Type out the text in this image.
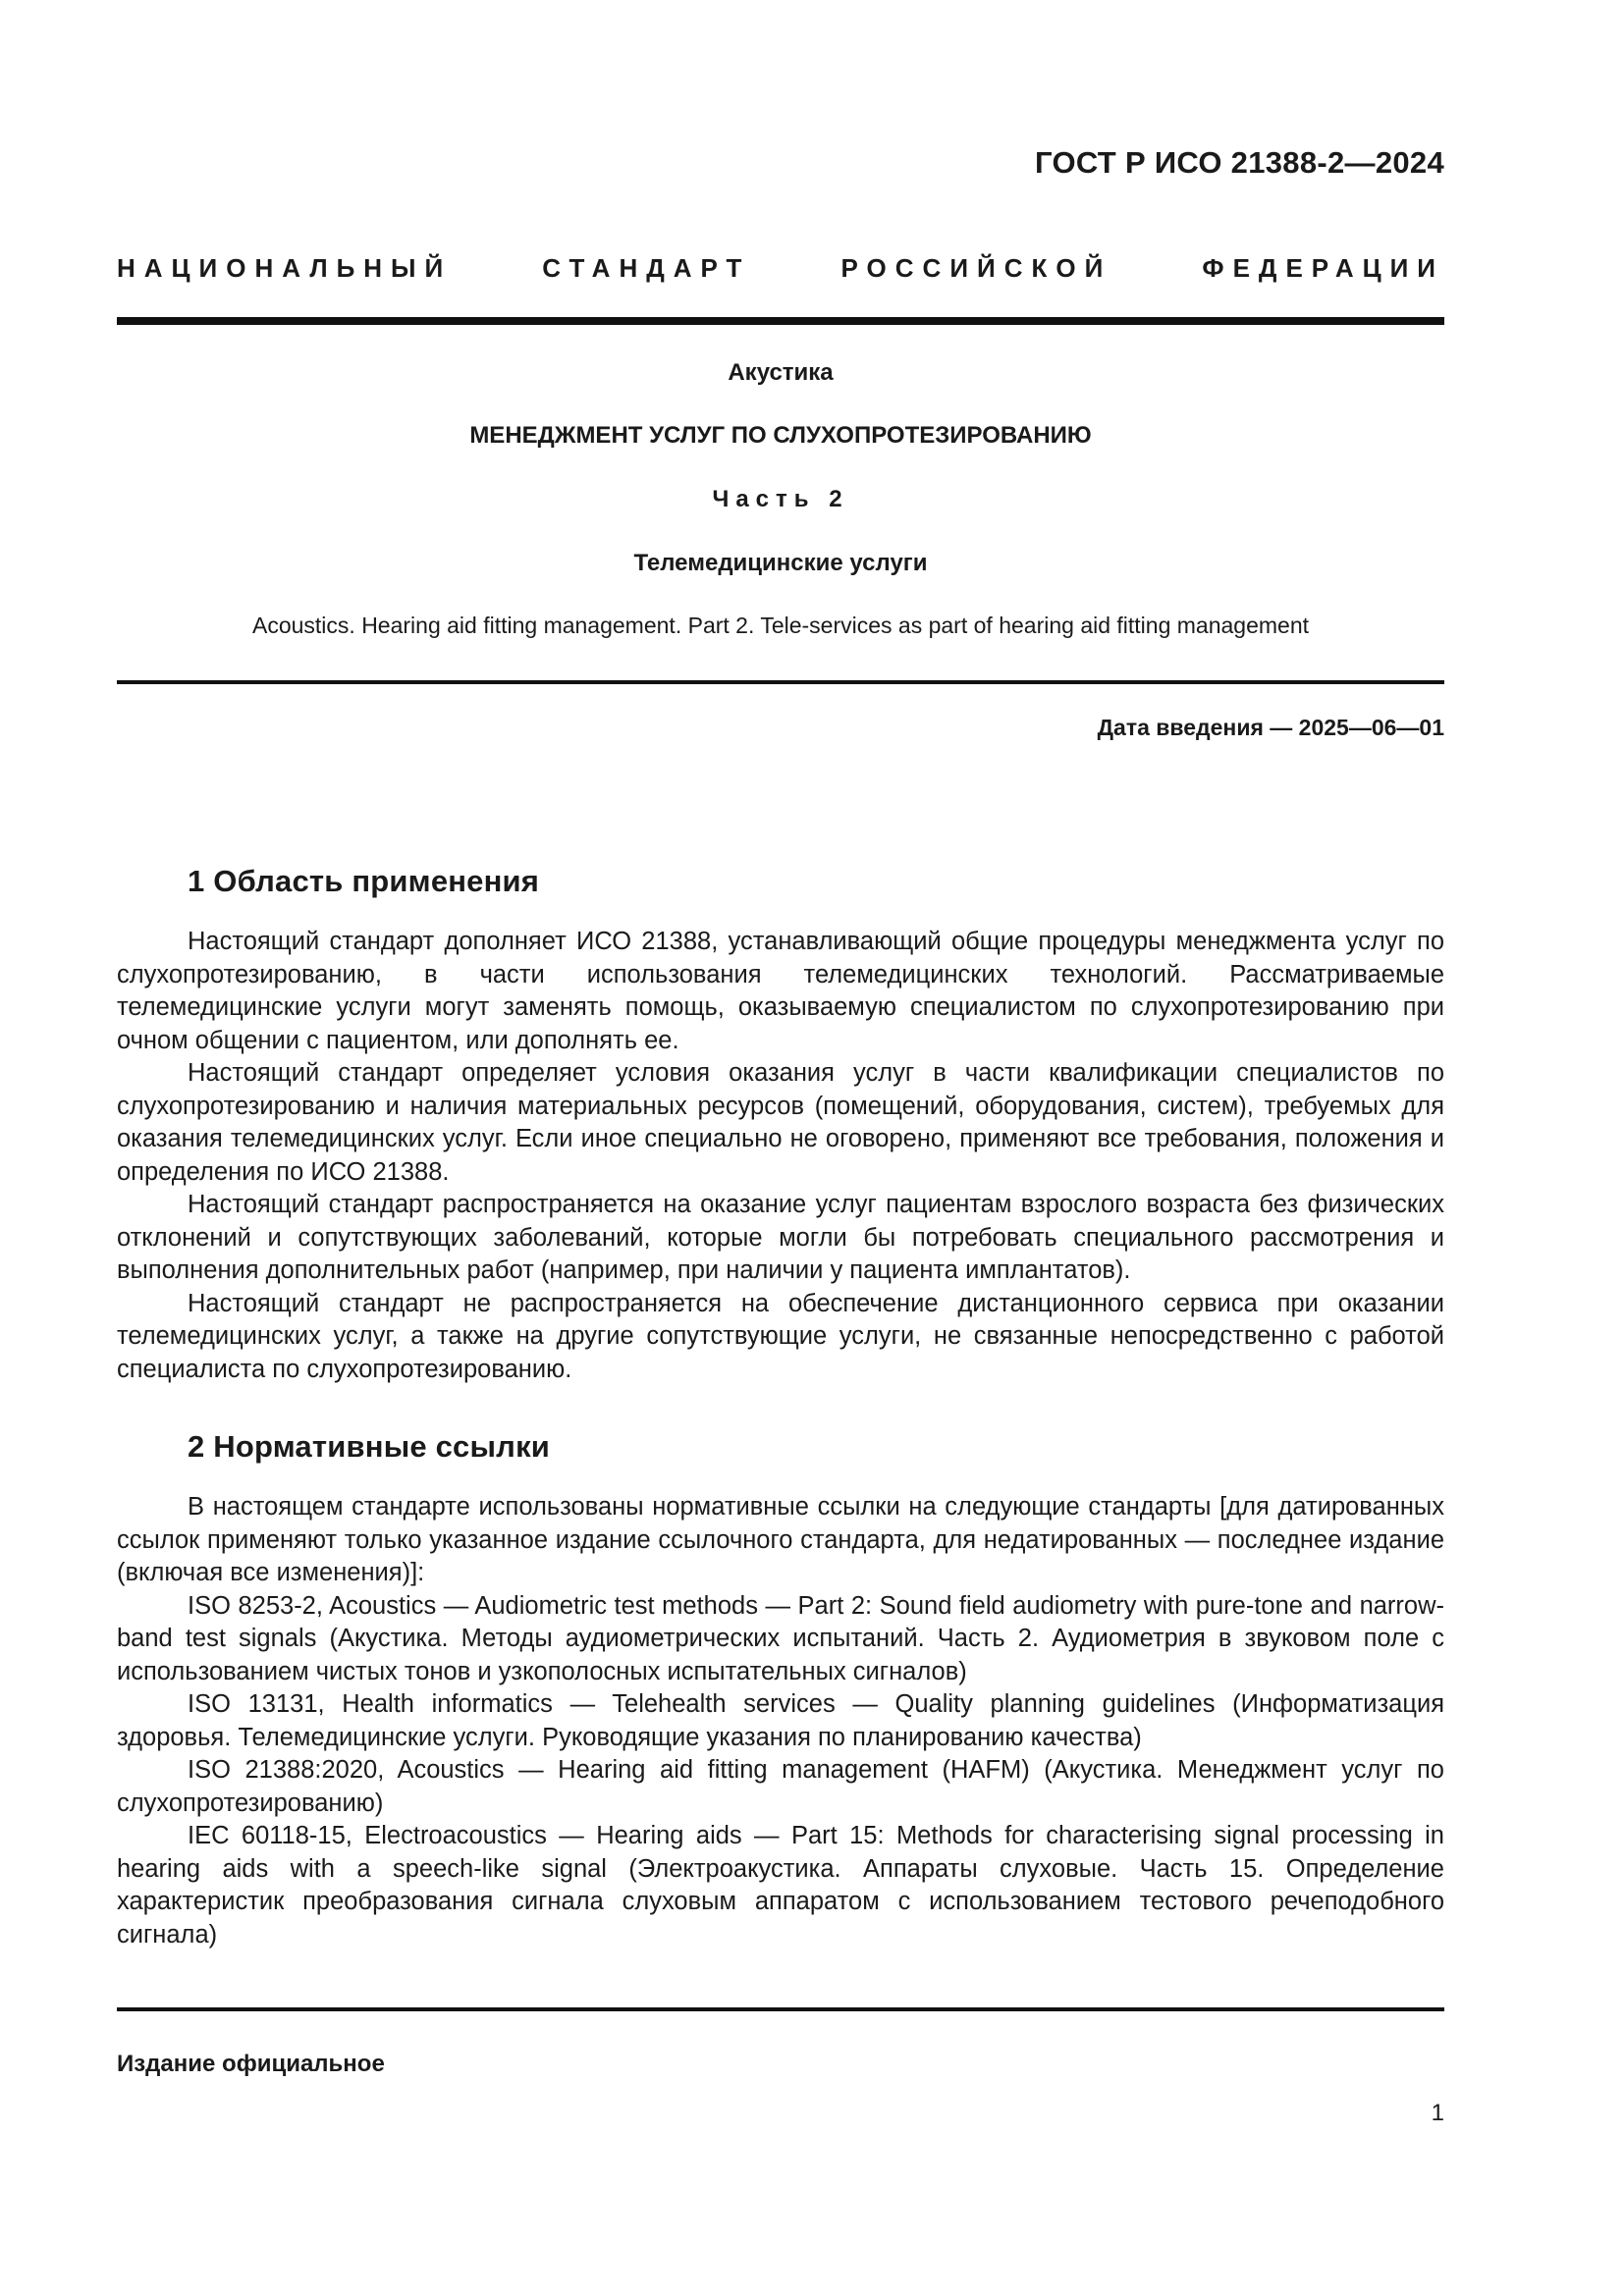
ГОСТ Р ИСО 21388-2—2024
НАЦИОНАЛЬНЫЙ СТАНДАРТ РОССИЙСКОЙ ФЕДЕРАЦИИ
Акустика
МЕНЕДЖМЕНТ УСЛУГ ПО СЛУХОПРОТЕЗИРОВАНИЮ
Часть 2
Телемедицинские услуги
Acoustics. Hearing aid fitting management. Part 2. Tele-services as part of hearing aid fitting management
Дата введения — 2025—06—01
1 Область применения

Настоящий стандарт дополняет ИСО 21388, устанавливающий общие процедуры менеджмента услуг по слухопротезированию, в части использования телемедицинских технологий. Рассматриваемые телемедицинские услуги могут заменять помощь, оказываемую специалистом по слухопротезированию при очном общении с пациентом, или дополнять ее.

Настоящий стандарт определяет условия оказания услуг в части квалификации специалистов по слухопротезированию и наличия материальных ресурсов (помещений, оборудования, систем), требуемых для оказания телемедицинских услуг. Если иное специально не оговорено, применяют все требования, положения и определения по ИСО 21388.

Настоящий стандарт распространяется на оказание услуг пациентам взрослого возраста без физических отклонений и сопутствующих заболеваний, которые могли бы потребовать специального рассмотрения и выполнения дополнительных работ (например, при наличии у пациента имплантатов).

Настоящий стандарт не распространяется на обеспечение дистанционного сервиса при оказании телемедицинских услуг, а также на другие сопутствующие услуги, не связанные непосредственно с работой специалиста по слухопротезированию.

2 Нормативные ссылки

В настоящем стандарте использованы нормативные ссылки на следующие стандарты [для датированных ссылок применяют только указанное издание ссылочного стандарта, для недатированных — последнее издание (включая все изменения)]:

ISO 8253-2, Acoustics — Audiometric test methods — Part 2: Sound field audiometry with pure-tone and narrow-band test signals (Акустика. Методы аудиометрических испытаний. Часть 2. Аудиометрия в звуковом поле с использованием чистых тонов и узкополосных испытательных сигналов)

ISO 13131, Health informatics — Telehealth services — Quality planning guidelines (Информатизация здоровья. Телемедицинские услуги. Руководящие указания по планированию качества)

ISO 21388:2020, Acoustics — Hearing aid fitting management (HAFM) (Акустика. Менеджмент услуг по слухопротезированию)

IEC 60118-15, Electroacoustics — Hearing aids — Part 15: Methods for characterising signal processing in hearing aids with a speech-like signal (Электроакустика. Аппараты слуховые. Часть 15. Определение характеристик преобразования сигнала слуховым аппаратом с использованием тестового речеподобного сигнала)

Издание официальное
1
